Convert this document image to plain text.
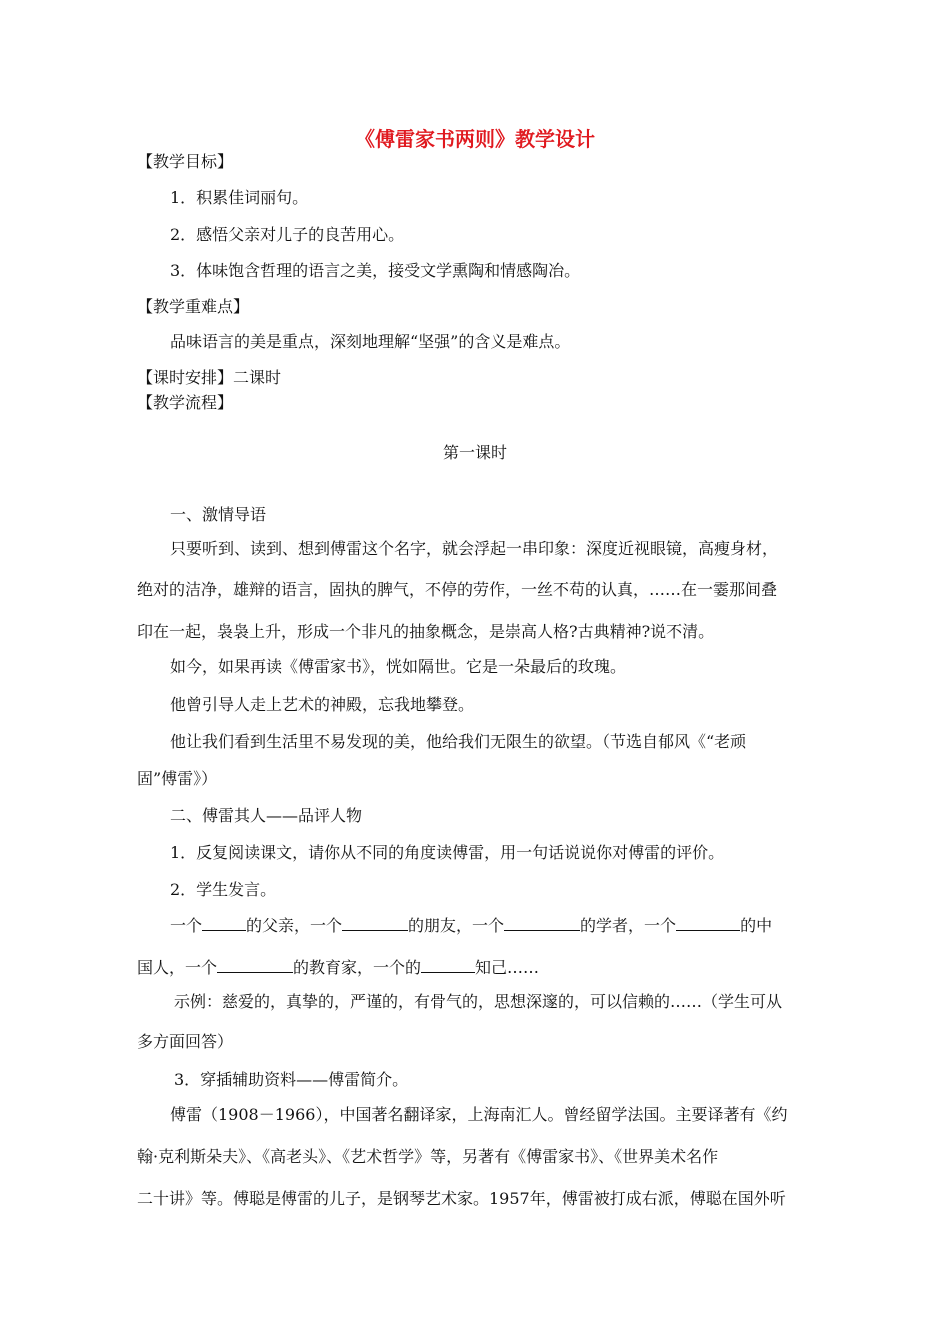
《傅雷家书两则》教学设计
【教学目标】
1．积累佳词丽句。
2．感悟父亲对儿子的良苦用心。
3．体味饱含哲理的语言之美，接受文学熏陶和情感陶冶。
【教学重难点】
品味语言的美是重点，深刻地理解“坚强”的含义是难点。
【课时安排】二课时
【教学流程】
第一课时
一、激情导语
只要听到、读到、想到傅雷这个名字，就会浮起一串印象：深度近视眼镜，高瘦身材，
绝对的洁净，雄辩的语言，固执的脾气，不停的劳作，一丝不苟的认真，……在一霎那间叠
印在一起，袅袅上升，形成一个非凡的抽象概念，是崇高人格?古典精神?说不清。
如今，如果再读《傅雷家书》，恍如隔世。它是一朵最后的玫瑰。
他曾引导人走上艺术的神殿，忘我地攀登。
他让我们看到生活里不易发现的美，他给我们无限生的欲望。（节选自郁风《“老顽
固”傅雷》）
二、傅雷其人——品评人物
1．反复阅读课文，请你从不同的角度读傅雷，用一句话说说你对傅雷的评价。
2．学生发言。
一个	的父亲，一个	的朋友，一个	的学者，一个	的中
国人，一个	的教育家，一个的	知己……
示例：慈爱的，真挚的，严谨的，有骨气的，思想深邃的，可以信赖的……（学生可从
多方面回答）
3．穿插辅助资料——傅雷简介。
傅雷（1908－1966），中国著名翻译家，上海南汇人。曾经留学法国。主要译著有《约
翰·克利斯朵夫》、《高老头》、《艺术哲学》等，另著有《傅雷家书》、《世界美术名作
二十讲》等。傅聪是傅雷的儿子，是钢琴艺术家。1957年，傅雷被打成右派，傅聪在国外听
